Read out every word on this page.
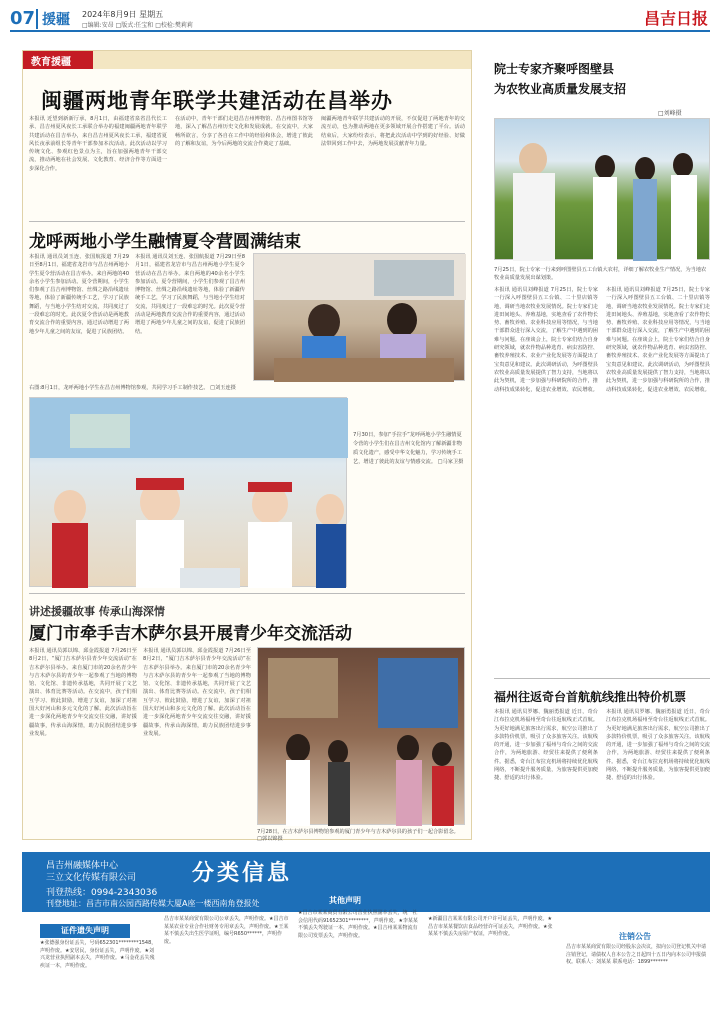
07 援疆 2024年8月9日 星期五
□编辑:安昂 □版式:任宝和 □校检:樊莉莉	昌吉日报
教育援疆
闽疆两地青年联学共建活动在昌举办
本报讯 近望到新新厅承，8月1日，由福建省泉省昌代长工承、昌吉州夏风夜长工承联合举办的福建闽疆两地青年联学共建活动在昌吉举办，来自昌吉州夏风夜长工承，福建省夏风长夜承前组长等青年干部参加本次活动。此次活动以学习传统文化、参观红色景点为主，旨在加强两地青年干部交流，推动两地在社会发展、文化教育、经济合作等方面进一步深化合作。
在活动中，青年干部们走进昌吉州博物馆、昌吉州图书馆等地，深入了解昌吉州历史文化和发展成就。在交流中，大家畅所欲言，分享了各自在工作中的经验和体会，增进了彼此的了解和友谊，为今后两地的交流合作奠定了基础。
闽疆两地青年联学共建活动的开展，不仅促进了两地青年的交流互动，也为推动两地在更多领域开展合作搭建了平台。活动结束后，大家纷纷表示，将把此次活动中学到的好经验、好做法带回到工作中去，为两地发展贡献青年力量。
龙呼两地小学生融情夏令营圆满结束
本报讯 通讯员刘玉连、张国航报道 7月29日至8月1日，福建省龙岩市与昌吉州两地小学生夏令营活动在昌吉举办。来自两地的40余名小学生参加活动。夏令营期间，小学生们参观了昌吉州博物馆、丝绸之路沿线遗址等地，体验了新疆传统手工艺，学习了民族舞蹈，与当地小学生结对交流，共同度过了一段难忘的时光。此次夏令营活动是两地教育交流合作的重要内容，通过活动增进了两地少年儿童之间的友谊，促进了民族团结。
本报讯 通讯员刘玉连、张国航报道 7月29日至8月1日，福建省龙岩市与昌吉州两地小学生夏令营活动在昌吉举办。来自两地的40余名小学生参加活动。夏令营期间，小学生们参观了昌吉州博物馆、丝绸之路沿线遗址等地，体验了新疆传统手工艺，学习了民族舞蹈，与当地小学生结对交流，共同度过了一段难忘的时光。此次夏令营活动是两地教育交流合作的重要内容，通过活动增进了两地少年儿童之间的友谊，促进了民族团结。
右图:8月1日，龙呼两地小学生在昌吉州博物馆参观，共同学习手工制作技艺。 □刘玉连摄
7月30日，参加“手拉手”龙呼两地小学生融情夏令营的小学生们在昌吉州文化馆内了解新疆非物质文化遗产，感受中华文化魅力，学习传统手工艺，增进了彼此的友谊与情感交流。 □马家卫摄
讲述援疆故事 传承山海深情
厦门市牵手吉木萨尔县开展青少年交流活动
本报讯 通讯员郭以锦、邱金霞报道 7月26日至8月2日，“厦门吉木萨尔县青少年交流活动”在吉木萨尔县举办。来自厦门市的20余名青少年与吉木萨尔县的青少年一起参观了当地的博物馆、文化馆、非遗传承基地，共同开展了文艺演出、体育比赛等活动。在交流中，孩子们相互学习、彼此鼓励，增进了友谊，加深了对祖国大好河山和多元文化的了解。此次活动旨在进一步深化两地青少年交流交往交融，讲好援疆故事，传承山海深情，助力民族团结进步事业发展。
本报讯 通讯员郭以锦、邱金霞报道 7月26日至8月2日，“厦门吉木萨尔县青少年交流活动”在吉木萨尔县举办。来自厦门市的20余名青少年与吉木萨尔县的青少年一起参观了当地的博物馆、文化馆、非遗传承基地，共同开展了文艺演出、体育比赛等活动。在交流中，孩子们相互学习、彼此鼓励，增进了友谊，加深了对祖国大好河山和多元文化的了解。此次活动旨在进一步深化两地青少年交流交往交融，讲好援疆故事，传承山海深情，助力民族团结进步事业发展。
7月28日，在吉木萨尔县博物馆参观的厦门青少年与吉木萨尔县的孩子们一起合影留念。 □郭以锦摄
院士专家齐聚呼图壁县
为农牧业高质量发展支招
□刘峰摄
7月25日，院士专家一行来到呼图壁县五工台镇大农村，详细了解农牧业生产情况，为当地农牧业高质量发展出谋划策。
本报讯 通讯员刘峰报道 7月25日，院士专家一行深入呼图壁县五工台镇、二十里店镇等地，调研当地农牧业发展情况。院士专家们走进田间地头、养殖基地，实地查看了农作物长势、畜牧养殖、农业科技应用等情况，与当地干部群众进行深入交流，了解生产中遇到的困难与问题。在座谈会上，院士专家们结合自身研究领域，就农作物品种选育、病虫害防控、畜牧养殖技术、农业产业化发展等方面提出了宝贵意见和建议。此次调研活动，为呼图壁县农牧业高质量发展提供了智力支持，当地将以此为契机，进一步加强与科研院所的合作，推动科技成果转化，促进农业增效、农民增收。
本报讯 通讯员刘峰报道 7月25日，院士专家一行深入呼图壁县五工台镇、二十里店镇等地，调研当地农牧业发展情况。院士专家们走进田间地头、养殖基地，实地查看了农作物长势、畜牧养殖、农业科技应用等情况，与当地干部群众进行深入交流，了解生产中遇到的困难与问题。在座谈会上，院士专家们结合自身研究领域，就农作物品种选育、病虫害防控、畜牧养殖技术、农业产业化发展等方面提出了宝贵意见和建议。此次调研活动，为呼图壁县农牧业高质量发展提供了智力支持，当地将以此为契机，进一步加强与科研院所的合作，推动科技成果转化，促进农业增效、农民增收。
福州往返奇台首航航线推出特价机票
本报讯 通讯员罗娜、魏丽勇报道 近日，奇台江布拉克机场福州至奇台往返航线正式首航。为更好地满足旅客出行需求，航空公司推出了多款特价机票，吸引了众多旅客关注。该航线的开通，进一步加强了福州与奇台之间的交流合作，为两地旅游、经贸往来提供了便利条件。据悉，奇台江布拉克机场将持续优化航线网络，不断提升服务质量，为旅客提供更加便捷、舒适的出行体验。
本报讯 通讯员罗娜、魏丽勇报道 近日，奇台江布拉克机场福州至奇台往返航线正式首航。为更好地满足旅客出行需求，航空公司推出了多款特价机票，吸引了众多旅客关注。该航线的开通，进一步加强了福州与奇台之间的交流合作，为两地旅游、经贸往来提供了便利条件。据悉，奇台江布拉克机场将持续优化航线网络，不断提升服务质量，为旅客提供更加便捷、舒适的出行体验。
昌吉州融媒体中心
三立文化传媒有限公司	分类信息
刊登热线：0994-2343036
刊登地址：昌吉市南公园西路传媒大厦A座一楼西南角登报处
证件遗失声明
★张德强身份证丢失，号码652301********1548，声明作废。★安居民，身份证丢失，声明作废。★刘兴龙营业执照副本丢失，声明作废。★马金花丢失残疾证一本，声明作废。
昌吉市某某商贸有限公司公章丢失，声明作废。★昌吉市某某农业专业合作社财务专用章丢失，声明作废。★王某某不慎丢失出生医学证明，编号R650******，声明作废。
其他声明
★昌吉市某某商贸有限公司营业执照副本丢失，统一社会信用代码91652301********，声明作废。★李某某不慎丢失驾驶证一本，声明作废。★昌吉州某某物流有限公司发票丢失，声明作废。
★新疆昌吉某某有限公司开户许可证丢失，声明作废。★昌吉市某某餐饮店食品经营许可证丢失，声明作废。★张某某不慎丢失房屋产权证，声明作废。	注销公告
昌吉市某某商贸有限公司经股东会决议，拟向公司登记机关申请注销登记，请债权人自本公告之日起四十五日内向本公司申报债权。联系人：刘某某 联系电话：1899*******
